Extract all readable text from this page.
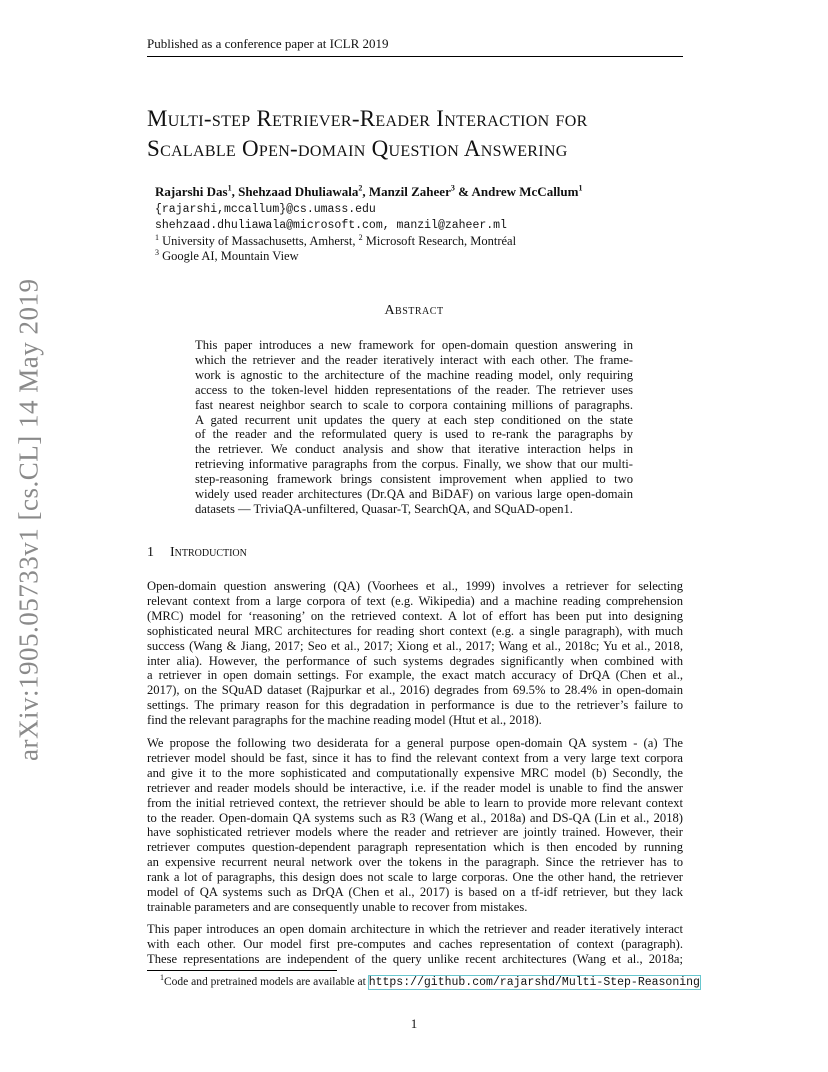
Published as a conference paper at ICLR 2019
arXiv:1905.05733v1 [cs.CL] 14 May 2019
Multi-step Retriever-Reader Interaction for
Scalable Open-domain Question Answering
Rajarshi Das$^1$, Shehzaad Dhuliawala$^2$, Manzil Zaheer$^3$ & Andrew McCallum$^1$
{rajarshi,mccallum}@cs.umass.edu
shehzaad.dhuliawala@microsoft.com, manzil@zaheer.ml
$^1$ University of Massachusetts, Amherst, $^2$ Microsoft Research, Montréal
$^3$ Google AI, Mountain View
Abstract
This paper introduces a new framework for open-domain question answering in
which the retriever and the reader iteratively interact with each other. The frame-
work is agnostic to the architecture of the machine reading model, only requiring
access to the token-level hidden representations of the reader. The retriever uses
fast nearest neighbor search to scale to corpora containing millions of paragraphs.
A gated recurrent unit updates the query at each step conditioned on the state
of the reader and the reformulated query is used to re-rank the paragraphs by
the retriever. We conduct analysis and show that iterative interaction helps in
retrieving informative paragraphs from the corpus. Finally, we show that our multi-
step-reasoning framework brings consistent improvement when applied to two
widely used reader architectures (Dr.QA and BiDAF) on various large open-domain
datasets — TriviaQA-unfiltered, Quasar-T, SearchQA, and SQuAD-open1.
1 Introduction
Open-domain question answering (QA) (Voorhees et al., 1999) involves a retriever for selecting
relevant context from a large corpora of text (e.g. Wikipedia) and a machine reading comprehension
(MRC) model for ‘reasoning’ on the retrieved context. A lot of effort has been put into designing
sophisticated neural MRC architectures for reading short context (e.g. a single paragraph), with much
success (Wang & Jiang, 2017; Seo et al., 2017; Xiong et al., 2017; Wang et al., 2018c; Yu et al., 2018,
inter alia). However, the performance of such systems degrades significantly when combined with
a retriever in open domain settings. For example, the exact match accuracy of DrQA (Chen et al.,
2017), on the SQuAD dataset (Rajpurkar et al., 2016) degrades from 69.5% to 28.4% in open-domain
settings. The primary reason for this degradation in performance is due to the retriever’s failure to
find the relevant paragraphs for the machine reading model (Htut et al., 2018).
We propose the following two desiderata for a general purpose open-domain QA system - (a) The
retriever model should be fast, since it has to find the relevant context from a very large text corpora
and give it to the more sophisticated and computationally expensive MRC model (b) Secondly, the
retriever and reader models should be interactive, i.e. if the reader model is unable to find the answer
from the initial retrieved context, the retriever should be able to learn to provide more relevant context
to the reader. Open-domain QA systems such as R3 (Wang et al., 2018a) and DS-QA (Lin et al., 2018)
have sophisticated retriever models where the reader and retriever are jointly trained. However, their
retriever computes question-dependent paragraph representation which is then encoded by running
an expensive recurrent neural network over the tokens in the paragraph. Since the retriever has to
rank a lot of paragraphs, this design does not scale to large corporas. One the other hand, the retriever
model of QA systems such as DrQA (Chen et al., 2017) is based on a tf-idf retriever, but they lack
trainable parameters and are consequently unable to recover from mistakes.
This paper introduces an open domain architecture in which the retriever and reader iteratively interact
with each other. Our model first pre-computes and caches representation of context (paragraph).
These representations are independent of the query unlike recent architectures (Wang et al., 2018a;
$^1$Code and pretrained models are available at https://github.com/rajarshd/Multi-Step-Reasoning
1
